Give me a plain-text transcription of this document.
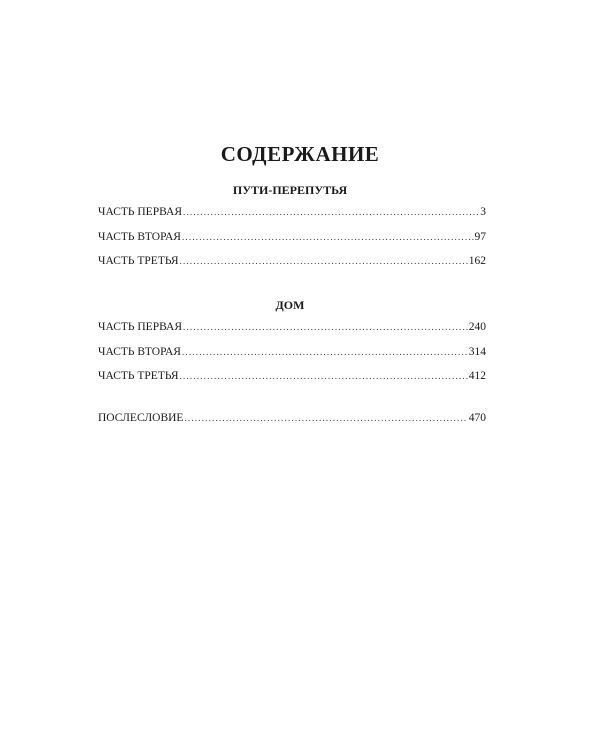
СОДЕРЖАНИЕ
ПУТИ-ПЕРЕПУТЬЯ
ЧАСТЬ ПЕРВАЯ .....	3
ЧАСТЬ ВТОРАЯ .....	97
ЧАСТЬ ТРЕТЬЯ .....	162
ДОМ
ЧАСТЬ ПЕРВАЯ .....	240
ЧАСТЬ ВТОРАЯ .....	314
ЧАСТЬ ТРЕТЬЯ .....	412
ПОСЛЕСЛОВИЕ .....	470
